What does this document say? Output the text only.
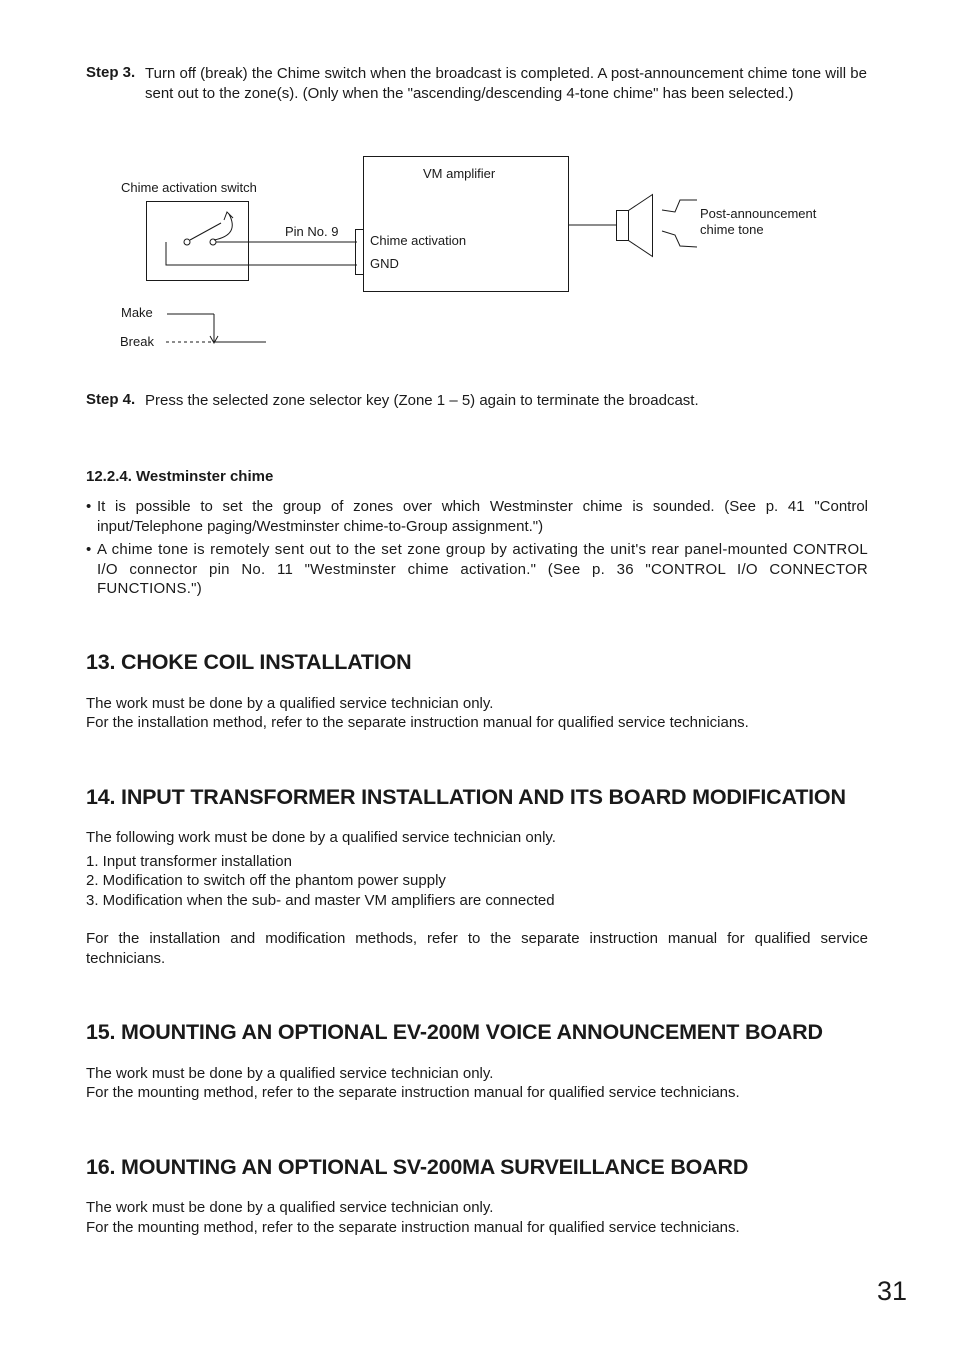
Step 3. Turn off (break) the Chime switch when the broadcast is completed. A post-announcement chime tone will be sent out to the zone(s). (Only when the "ascending/descending 4-tone chime" has been selected.)
Chime activation switch
VM amplifier
Pin No. 9
Chime activation
GND
Post-announcement
chime tone
Make
Break
Step 4. Press the selected zone selector key (Zone 1 – 5) again to terminate the broadcast.
12.2.4. Westminster chime
• It is possible to set the group of zones over which Westminster chime is sounded. (See p. 41 "Control input/Telephone paging/Westminster chime-to-Group assignment.")
• A chime tone is remotely sent out to the set zone group by activating the unit's rear panel-mounted CONTROL I/O connector pin No. 11 "Westminster chime activation." (See p. 36 "CONTROL I/O CONNECTOR FUNCTIONS.")
13. CHOKE COIL INSTALLATION
The work must be done by a qualified service technician only.
For the installation method, refer to the separate instruction manual for qualified service technicians.
14. INPUT TRANSFORMER INSTALLATION AND ITS BOARD MODIFICATION
The following work must be done by a qualified service technician only.
1. Input transformer installation
2. Modification to switch off the phantom power supply
3. Modification when the sub- and master VM amplifiers are connected
For the installation and modification methods, refer to the separate instruction manual for qualified service technicians.
15. MOUNTING AN OPTIONAL EV-200M VOICE ANNOUNCEMENT BOARD
The work must be done by a qualified service technician only.
For the mounting method, refer to the separate instruction manual for qualified service technicians.
16. MOUNTING AN OPTIONAL SV-200MA SURVEILLANCE BOARD
The work must be done by a qualified service technician only.
For the mounting method, refer to the separate instruction manual for qualified service technicians.
31
